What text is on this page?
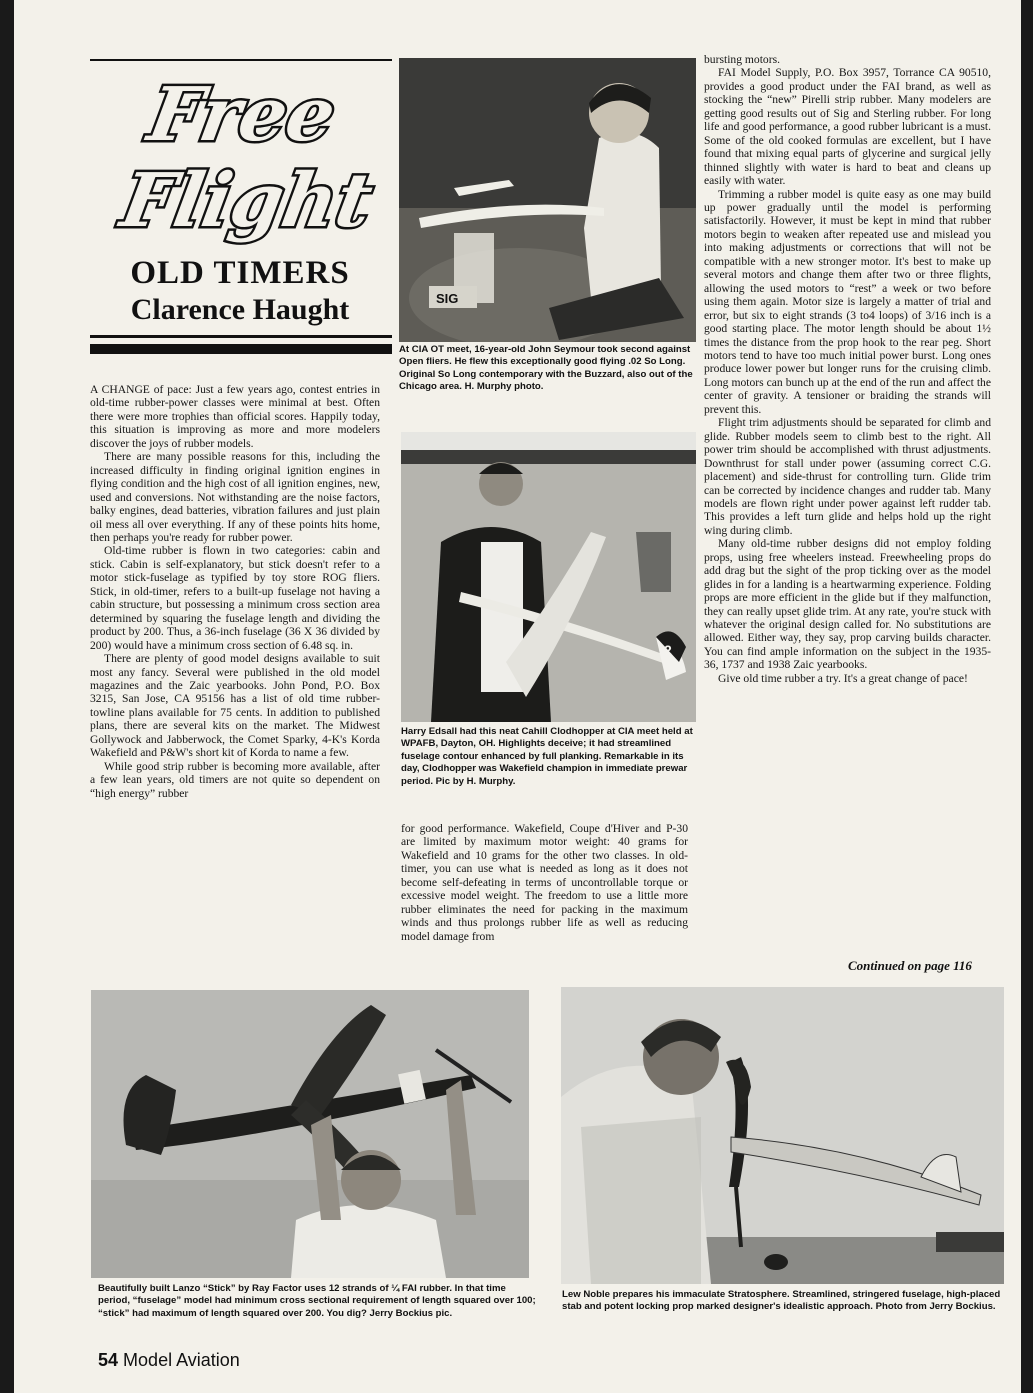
Free
Flight
OLD TIMERS
Clarence Haught

A CHANGE of pace: Just a few years ago, contest entries in old-time rubber-power classes were minimal at best. Often there were more trophies than official scores. Happily today, this situation is improving as more and more modelers discover the joys of rubber models.

There are many possible reasons for this, including the increased difficulty in finding original ignition engines in flying condition and the high cost of all ignition engines, new, used and conversions. Not withstanding are the noise factors, balky engines, dead batteries, vibration failures and just plain oil mess all over everything. If any of these points hits home, then perhaps you're ready for rubber power.

Old-time rubber is flown in two categories: cabin and stick. Cabin is self-explanatory, but stick doesn't refer to a motor stick-fuselage as typified by toy store ROG fliers. Stick, in old-timer, refers to a built-up fuselage not having a cabin structure, but possessing a minimum cross section area determined by squaring the fuselage length and dividing the product by 200. Thus, a 36-inch fuselage (36 X 36 divided by 200) would have a minimum cross section of 6.48 sq. in.

There are plenty of good model designs available to suit most any fancy. Several were published in the old model magazines and the Zaic yearbooks. John Pond, P.O. Box 3215, San Jose, CA 95156 has a list of old time rubber-towline plans available for 75 cents. In addition to published plans, there are several kits on the market. The Midwest Gollywock and Jabberwock, the Comet Sparky, 4-K's Korda Wakefield and P&W's short kit of Korda to name a few.

While good strip rubber is becoming more available, after a few lean years, old timers are not quite so dependent on “high energy” rubber

SIG
At CIA OT meet, 16-year-old John Seymour took second against Open fliers. He flew this exceptionally good flying .02 So Long. Original So Long contemporary with the Buzzard, also out of the Chicago area. H. Murphy photo.
2
Harry Edsall had this neat Cahill Clodhopper at CIA meet held at WPAFB, Dayton, OH. Highlights deceive; it had streamlined fuselage contour enhanced by full planking. Remarkable in its day, Clodhopper was Wakefield champion in immediate prewar period. Pic by H. Murphy.

for good performance. Wakefield, Coupe d'Hiver and P-30 are limited by maximum motor weight: 40 grams for Wakefield and 10 grams for the other two classes. In old-timer, you can use what is needed as long as it does not become self-defeating in terms of uncontrollable torque or excessive model weight. The freedom to use a little more rubber eliminates the need for packing in the maximum winds and thus prolongs rubber life as well as reducing model damage from

bursting motors.

FAI Model Supply, P.O. Box 3957, Torrance CA 90510, provides a good product under the FAI brand, as well as stocking the “new” Pirelli strip rubber. Many modelers are getting good results out of Sig and Sterling rubber. For long life and good performance, a good rubber lubricant is a must. Some of the old cooked formulas are excellent, but I have found that mixing equal parts of glycerine and surgical jelly thinned slightly with water is hard to beat and cleans up easily with water.

Trimming a rubber model is quite easy as one may build up power gradually until the model is performing satisfactorily. However, it must be kept in mind that rubber motors begin to weaken after repeated use and mislead you into making adjustments or corrections that will not be compatible with a new stronger motor. It's best to make up several motors and change them after two or three flights, allowing the used motors to “rest” a week or two before using them again. Motor size is largely a matter of trial and error, but six to eight strands (3 to4 loops) of 3/16 inch is a good starting place. The motor length should be about 1½ times the distance from the prop hook to the rear peg. Short motors tend to have too much initial power burst. Long ones produce lower power but longer runs for the cruising climb. Long motors can bunch up at the end of the run and affect the center of gravity. A tensioner or braiding the strands will prevent this.

Flight trim adjustments should be separated for climb and glide. Rubber models seem to climb best to the right. All power trim should be accomplished with thrust adjustments. Downthrust for stall under power (assuming correct C.G. placement) and side-thrust for controlling turn. Glide trim can be corrected by incidence changes and rudder tab. Many models are flown right under power against left rudder tab. This provides a left turn glide and helps hold up the right wing during climb.

Many old-time rubber designs did not employ folding props, using free wheelers instead. Freewheeling props do add drag but the sight of the prop ticking over as the model glides in for a landing is a heartwarming experience. Folding props are more efficient in the glide but if they malfunction, they can really upset glide trim. At any rate, you're stuck with whatever the original design called for. No substitutions are allowed. Either way, they say, prop carving builds character. You can find ample information on the subject in the 1935-36, 1737 and 1938 Zaic yearbooks.

Give old time rubber a try. It's a great change of pace!

Continued on page 116
Beautifully built Lanzo “Stick” by Ray Factor uses 12 strands of ¼ FAI rubber. In that time period, “fuselage” model had minimum cross sectional requirement of length squared over 100; “stick” had maximum of length squared over 200. You dig? Jerry Bockius pic.
Lew Noble prepares his immaculate Stratosphere. Streamlined, stringered fuselage, high-placed stab and potent locking prop marked designer's idealistic approach. Photo from Jerry Bockius.
54 Model Aviation
